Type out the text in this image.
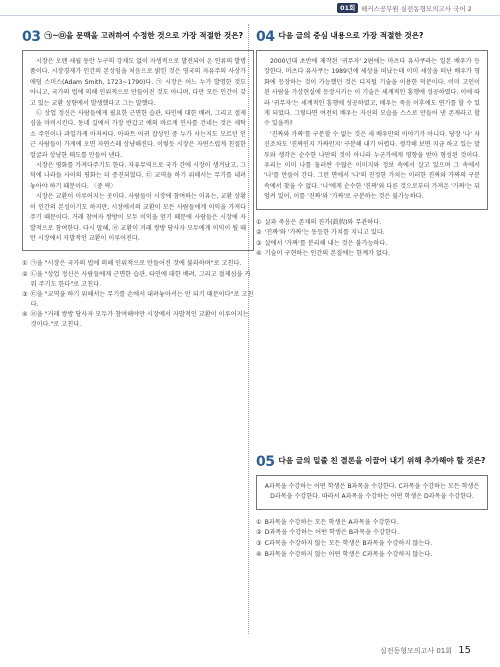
01회 해커스공무원 실전동형모의고사 국어 2
03 ㉠~㉤을 문맥을 고려하여 수정한 것으로 가장 적절한 것은?

시장은 오랜 세월 동안 누구의 강제도 없이 자생적으로 발전되어 온 인류의 발명품이다. 시장경제가 인간의 본성임을 처음으로 밝힌 것은 영국의 자유주의 사상가 애덤 스미스(Adam Smith, 1723~1790)다. ㉠ 시장은 어느 누가 발명한 것도 아니고, 국가의 법에 의해 인위적으로 만들어진 것도 아니며, 다만 모든 인간이 갖고 있는 교환 성향에서 발생했다고 그는 말했다.

㉡ 상업 정신은 사람들에게 필요한 근면한 습관, 타인에 대한 배려, 그리고 절제심을 마비시킨다. 동네 길에서 가장 반갑고 예의 바르게 인사를 건네는 것은 세탁소 주인이나 과일가게 아저씨다. 아파트 어귀 잡상인 중 누가 사는지도 모르던 인근 사람들이 가게에 오면 자연스레 상냥해진다. 이렇듯 시장은 자연스럽게 친절한 얼굴과 상냥한 태도를 만들어 낸다.

시장은 평화를 가져다주기도 한다. 자유무역으로 국가 간에 시장이 생겨났고, 그 덕에 나라들 사이의 평화는 더 증진되었다. ㉢ 교역을 하기 위해서는 무기를 내려놓아야 하기 때문이다. 〈중 략〉

시장은 교환이 이루어지는 곳이다. 사람들이 시장에 참여하는 이유는, 교환 상황이 인간의 본성이기도 하지만, 시장에서의 교환이 모든 사람들에게 이익을 가져다주기 때문이다. 거래 참여자 쌍방이 모두 이익을 얻기 때문에 사람들은 시장에 자발적으로 참여한다. 다시 말해, ㉣ 교환이 거래 쌍방 당사자 모두에게 이익이 될 때만 시장에서 자발적인 교환이 이루어진다.

① ㉠을 "시장은 국가의 법에 의해 인위적으로 만들어진 것에 불과하며"로 고친다.
② ㉡을 "상업 정신은 사람들에게 근면한 습관, 타인에 대한 배려, 그리고 절제심을 키워 주기도 한다"로 고친다.
③ ㉢을 "교역을 하기 위해서는 무기를 손에서 내려놓아서는 안 되기 때문이다"로 고친다.
④ ㉣을 "거래 쌍방 당사자 모두가 참여해야만 시장에서 자발적인 교환이 이루어지는 것이다."로 고친다.
04 다음 글의 중심 내용으로 가장 적절한 것은?

2000년대 초반에 제작된 '귀무자' 2편에는 마츠다 유사쿠라는 일본 배우가 등장한다. 마츠다 유사쿠는 1989년에 세상을 떠났는데 이미 세상을 떠난 배우가 영화에 등장하는 것이 가능했던 것은 디지털 기술을 이용한 덕분이다. 이미 고인이 된 사람을 가상현실에 등장시키는 이 기술은 세계적인 흥행에 성공하였다. 이에 따라 '귀무자'는 세계적인 흥행에 성공하였고, 배우는 죽음 이후에도 연기를 할 수 있게 되었다. 그렇다면 여전히 배우는 자신의 모습을 스스로 만들어 낸 존재라고 할 수 있을까?

'진짜와 가짜'를 구분할 수 없는 것은 세 배우만의 이야기가 아니다. 당장 '나' 자신조차도 '진짜인지 가짜인지' 구분해 내기 어렵다. 생각해 보면 지금 하고 있는 말투와 생각은 순수한 나만의 것이 아니라 누군가에게 영향을 받아 형성된 것이다. 우리는 이미 나를 둘러싼 수많은 이미지와 정보 속에서 살고 있으며 그 속에서 '나'를 만들어 간다. 그런 면에서 '나'의 진정한 가치는 이러한 진짜와 가짜의 구분 속에서 찾을 수 없다. '나'에게 순수한 '진짜'와 다른 것으로부터 가져온 '가짜'는 뒤엉켜 있어, 이를 '진짜'와 '가짜'로 구분하는 것은 불가능하다.

① 살과 죽음은 존재의 진가(眞假)와 무관하다.
② '진짜'와 '가짜'는 동등한 가치를 지니고 있다.
③ 살에서 '가짜'를 분리해 내는 것은 불가능하다.
④ 기술이 구현하는 인간의 본질에는 한계가 없다.
05 다음 글의 밑줄 친 결론을 이끌어 내기 위해 추가해야 할 것은?

A과목을 수강하는 어떤 학생은 B과목을 수강한다. C과목을 수강하는 모든 학생은 D과목을 수강한다. 따라서 A과목을 수강하는 어떤 학생은 D과목을 수강한다.

① B과목을 수강하는 모든 학생은 A과목을 수강한다.
② D과목을 수강하는 어떤 학생은 B과목을 수강한다.
③ C과목을 수강하지 않는 모든 학생은 B과목을 수강하지 않는다.
④ B과목을 수강하지 않는 어떤 학생은 C과목을 수강하지 않는다.
실전동형모의고사 01회 15
